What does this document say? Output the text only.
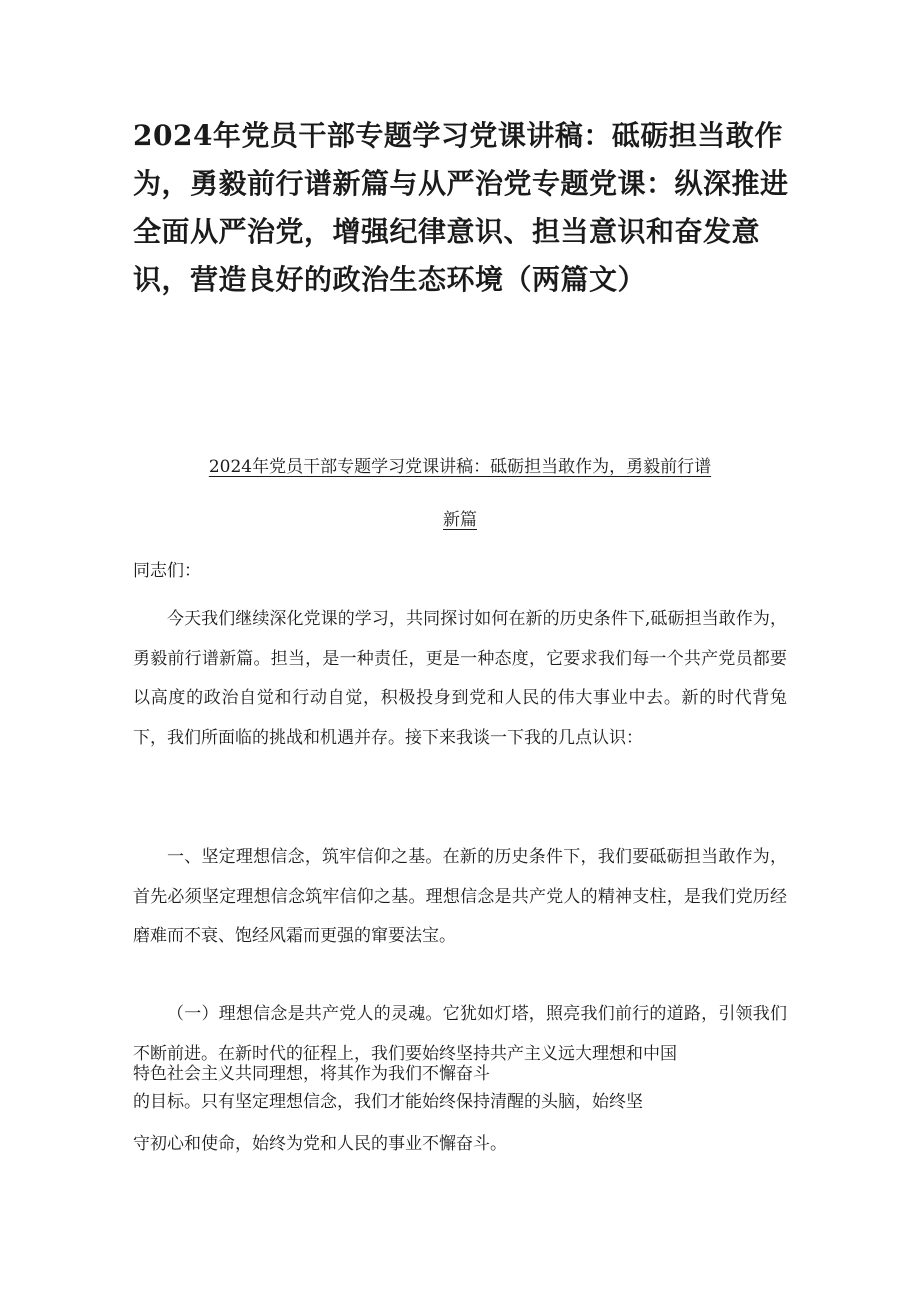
2024年党员干部专题学习党课讲稿：砥砺担当敢作为，勇毅前行谱新篇与从严治党专题党课：纵深推进全面从严治党，增强纪律意识、担当意识和奋发意识，营造良好的政治生态环境（两篇文）

2024年党员干部专题学习党课讲稿：砥砺担当敢作为，勇毅前行谱

新篇

同志们：

今天我们继续深化党课的学习，共同探讨如何在新的历史条件下,砥砺担当敢作为，勇毅前行谱新篇。担当，是一种责任，更是一种态度，它要求我们每一个共产党员都要以高度的政治自觉和行动自觉，积极投身到党和人民的伟大事业中去。新的时代背兔下，我们所面临的挑战和机遇并存。接下来我谈一下我的几点认识：

一、坚定理想信念，筑牢信仰之基。在新的历史条件下，我们要砥砺担当敢作为，首先必须坚定理想信念筑牢信仰之基。理想信念是共产党人的精神支柱，是我们党历经磨难而不衰、饱经风霜而更强的窜要法宝。

（一）理想信念是共产党人的灵魂。它犹如灯塔，照亮我们前行的道路，引领我们不断前进。在新时代的征程上，我们要始终坚持共产主义远大理想和中国

特色社会主义共同理想，将其作为我们不懈奋斗

的目标。只有坚定理想信念，我们才能始终保持清醒的头脑，始终坚

守初心和使命，始终为党和人民的事业不懈奋斗。
